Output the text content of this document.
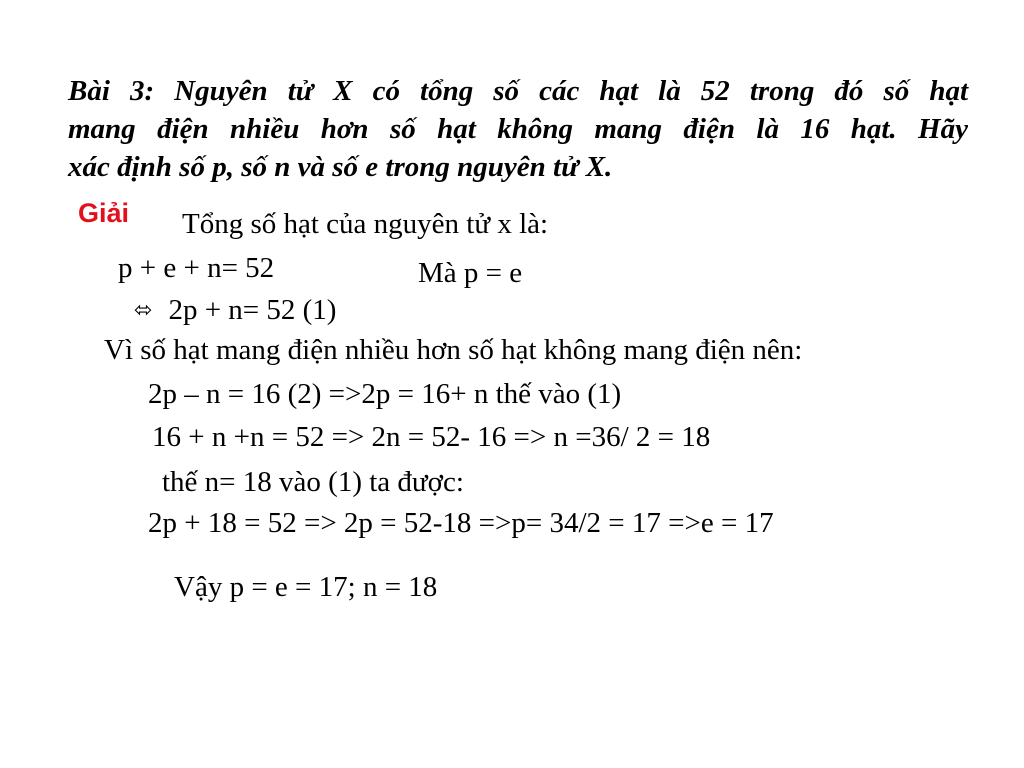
Bài 3: Nguyên tử X có tổng số các hạt là 52 trong đó số hạt
mang điện nhiều hơn số hạt không mang điện là 16 hạt. Hãy
xác định số p, số n và số e trong nguyên tử X.
Giải Tổng số hạt của nguyên tử x là:
p + e + n= 52	Mà p = e
⬄ 2p + n= 52 (1)
Vì số hạt mang điện nhiều hơn số hạt không mang điện nên:
2p – n = 16 (2) =>2p = 16+ n thế vào (1)
16 + n +n = 52 => 2n = 52- 16 => n =36/ 2 = 18
thế n= 18 vào (1) ta được:
2p + 18 = 52 => 2p = 52-18 =>p= 34/2 = 17 =>e = 17
Vậy p = e = 17; n = 18
